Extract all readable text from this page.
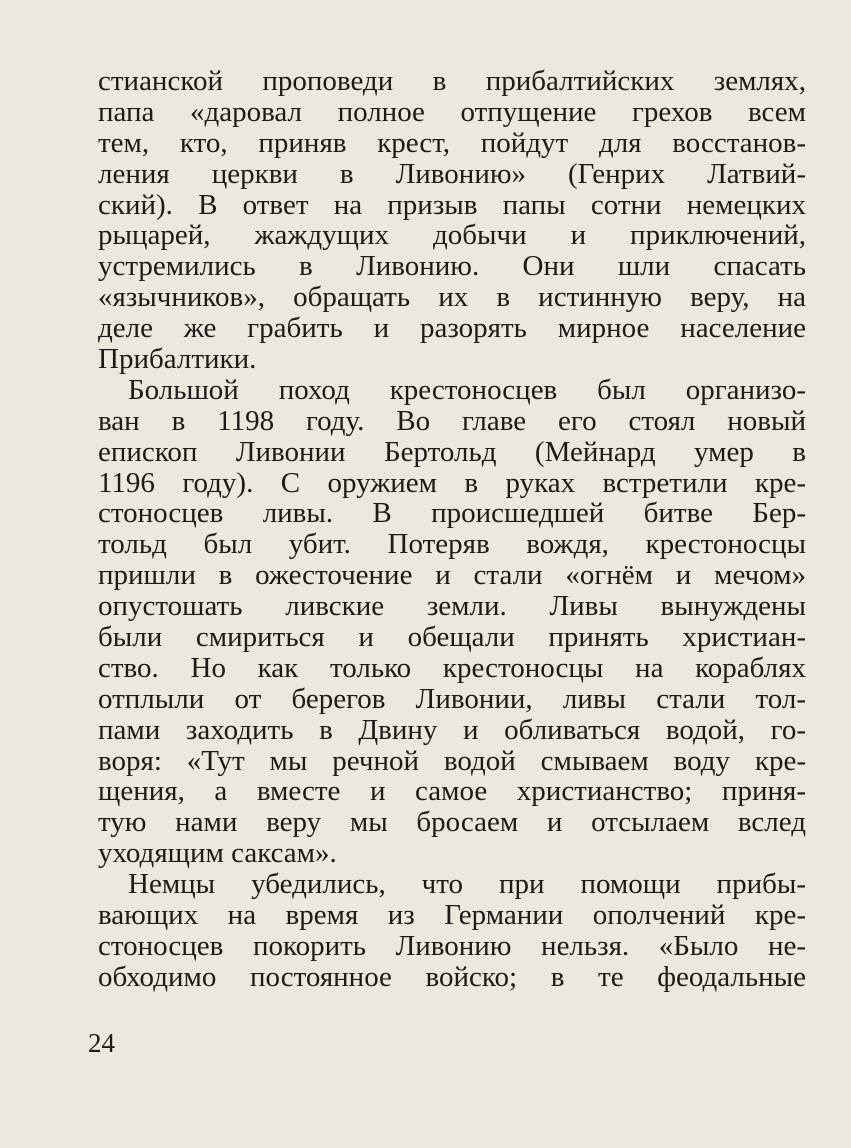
стианской проповеди в прибалтийских землях,
папа «даровал полное отпущение грехов всем
тем, кто, приняв крест, пойдут для восстанов-
ления церкви в Ливонию» (Генрих Латвий-
ский). В ответ на призыв папы сотни немецких
рыцарей, жаждущих добычи и приключений,
устремились в Ливонию. Они шли спасать
«язычников», обращать их в истинную веру, на
деле же грабить и разорять мирное население
Прибалтики.
Большой поход крестоносцев был организо-
ван в 1198 году. Во главе его стоял новый
епископ Ливонии Бертольд (Мейнард умер в
1196 году). С оружием в руках встретили кре-
стоносцев ливы. В происшедшей битве Бер-
тольд был убит. Потеряв вождя, крестоносцы
пришли в ожесточение и стали «огнём и мечом»
опустошать ливские земли. Ливы вынуждены
были смириться и обещали принять христиан-
ство. Но как только крестоносцы на кораблях
отплыли от берегов Ливонии, ливы стали тол-
пами заходить в Двину и обливаться водой, го-
воря: «Тут мы речной водой смываем воду кре-
щения, а вместе и самое христианство; приня-
тую нами веру мы бросаем и отсылаем вслед
уходящим саксам».
Немцы убедились, что при помощи прибы-
вающих на время из Германии ополчений кре-
стоносцев покорить Ливонию нельзя. «Было не-
обходимо постоянное войско; в те феодальные
24
